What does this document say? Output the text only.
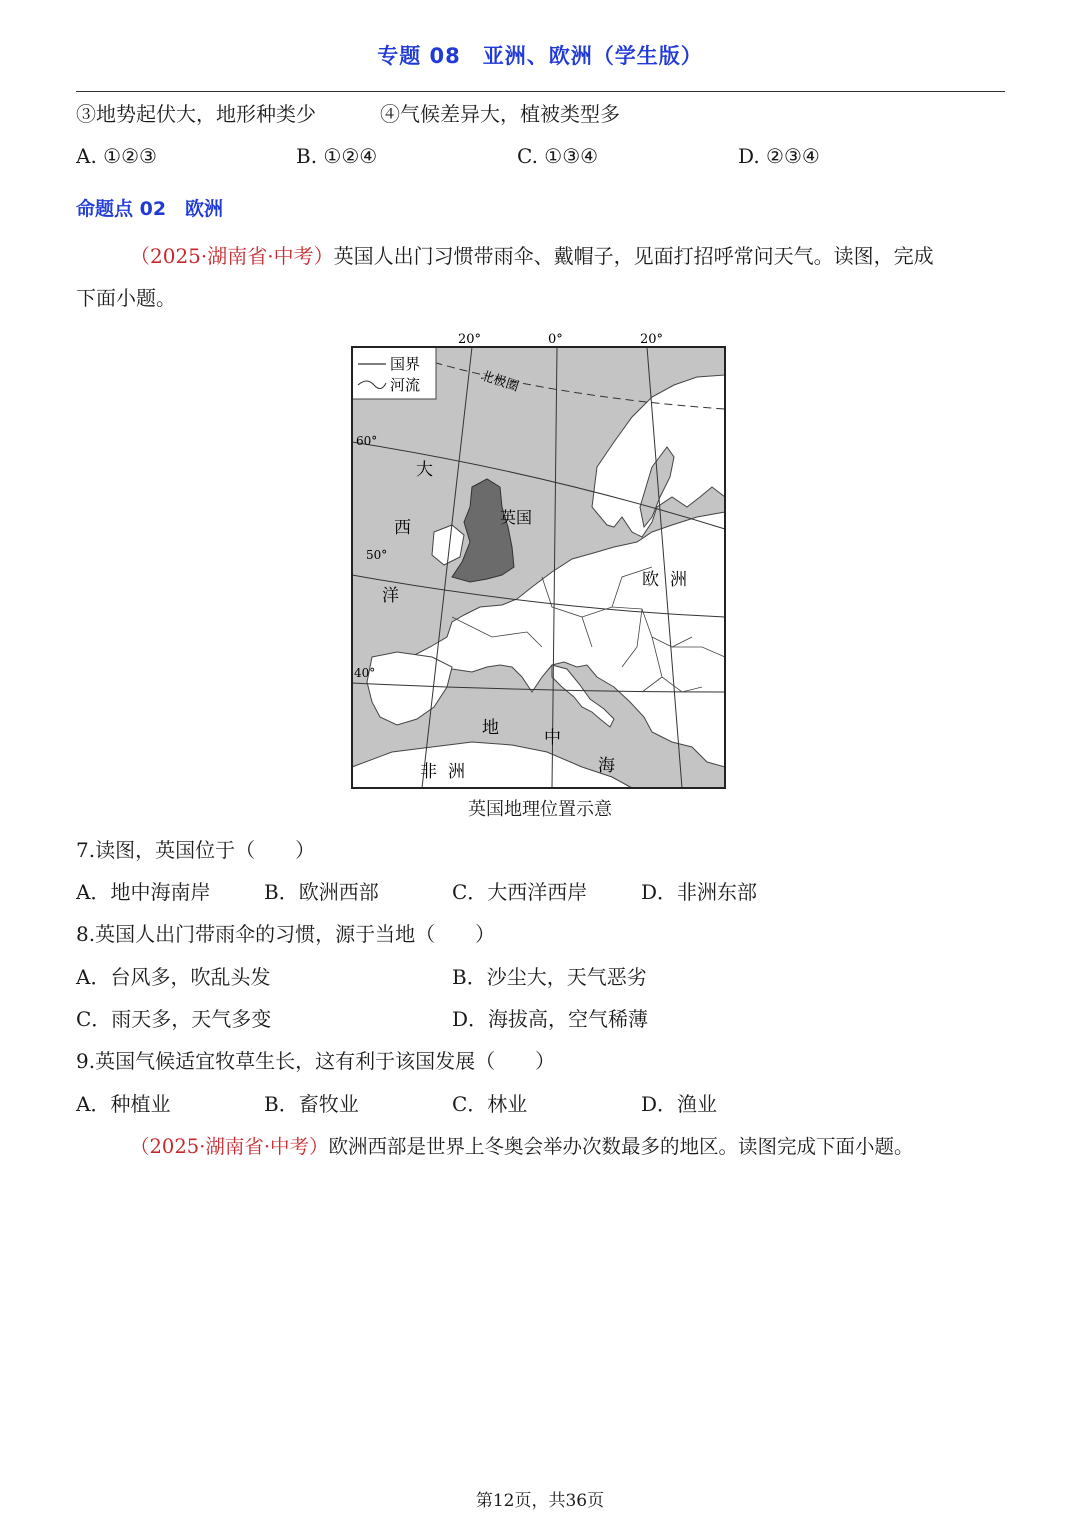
专题 08　亚洲、欧洲（学生版）
③地势起伏大，地形种类少	④气候差异大，植被类型多
A. ①②③	B. ①②④	C. ①③④	D. ②③④
命题点 02　欧洲
（2025·湖南省·中考）英国人出门习惯带雨伞、戴帽子，见面打招呼常问天气。读图，完成
下面小题。
20°	0°	20°
国界
河流
60°
50°
40°
北极圈
大
西
洋
英国
欧 洲
地	中
海
非 洲
英国地理位置示意
7.读图，英国位于（　　）
A．地中海南岸	B．欧洲西部	C．大西洋西岸	D．非洲东部
8.英国人出门带雨伞的习惯，源于当地（　　）
A．台风多，吹乱头发	B．沙尘大，天气恶劣
C．雨天多，天气多变	D．海拔高，空气稀薄
9.英国气候适宜牧草生长，这有利于该国发展（　　）
A．种植业	B．畜牧业	C．林业	D．渔业
（2025·湖南省·中考）欧洲西部是世界上冬奥会举办次数最多的地区。读图完成下面小题。
第12页，共36页
